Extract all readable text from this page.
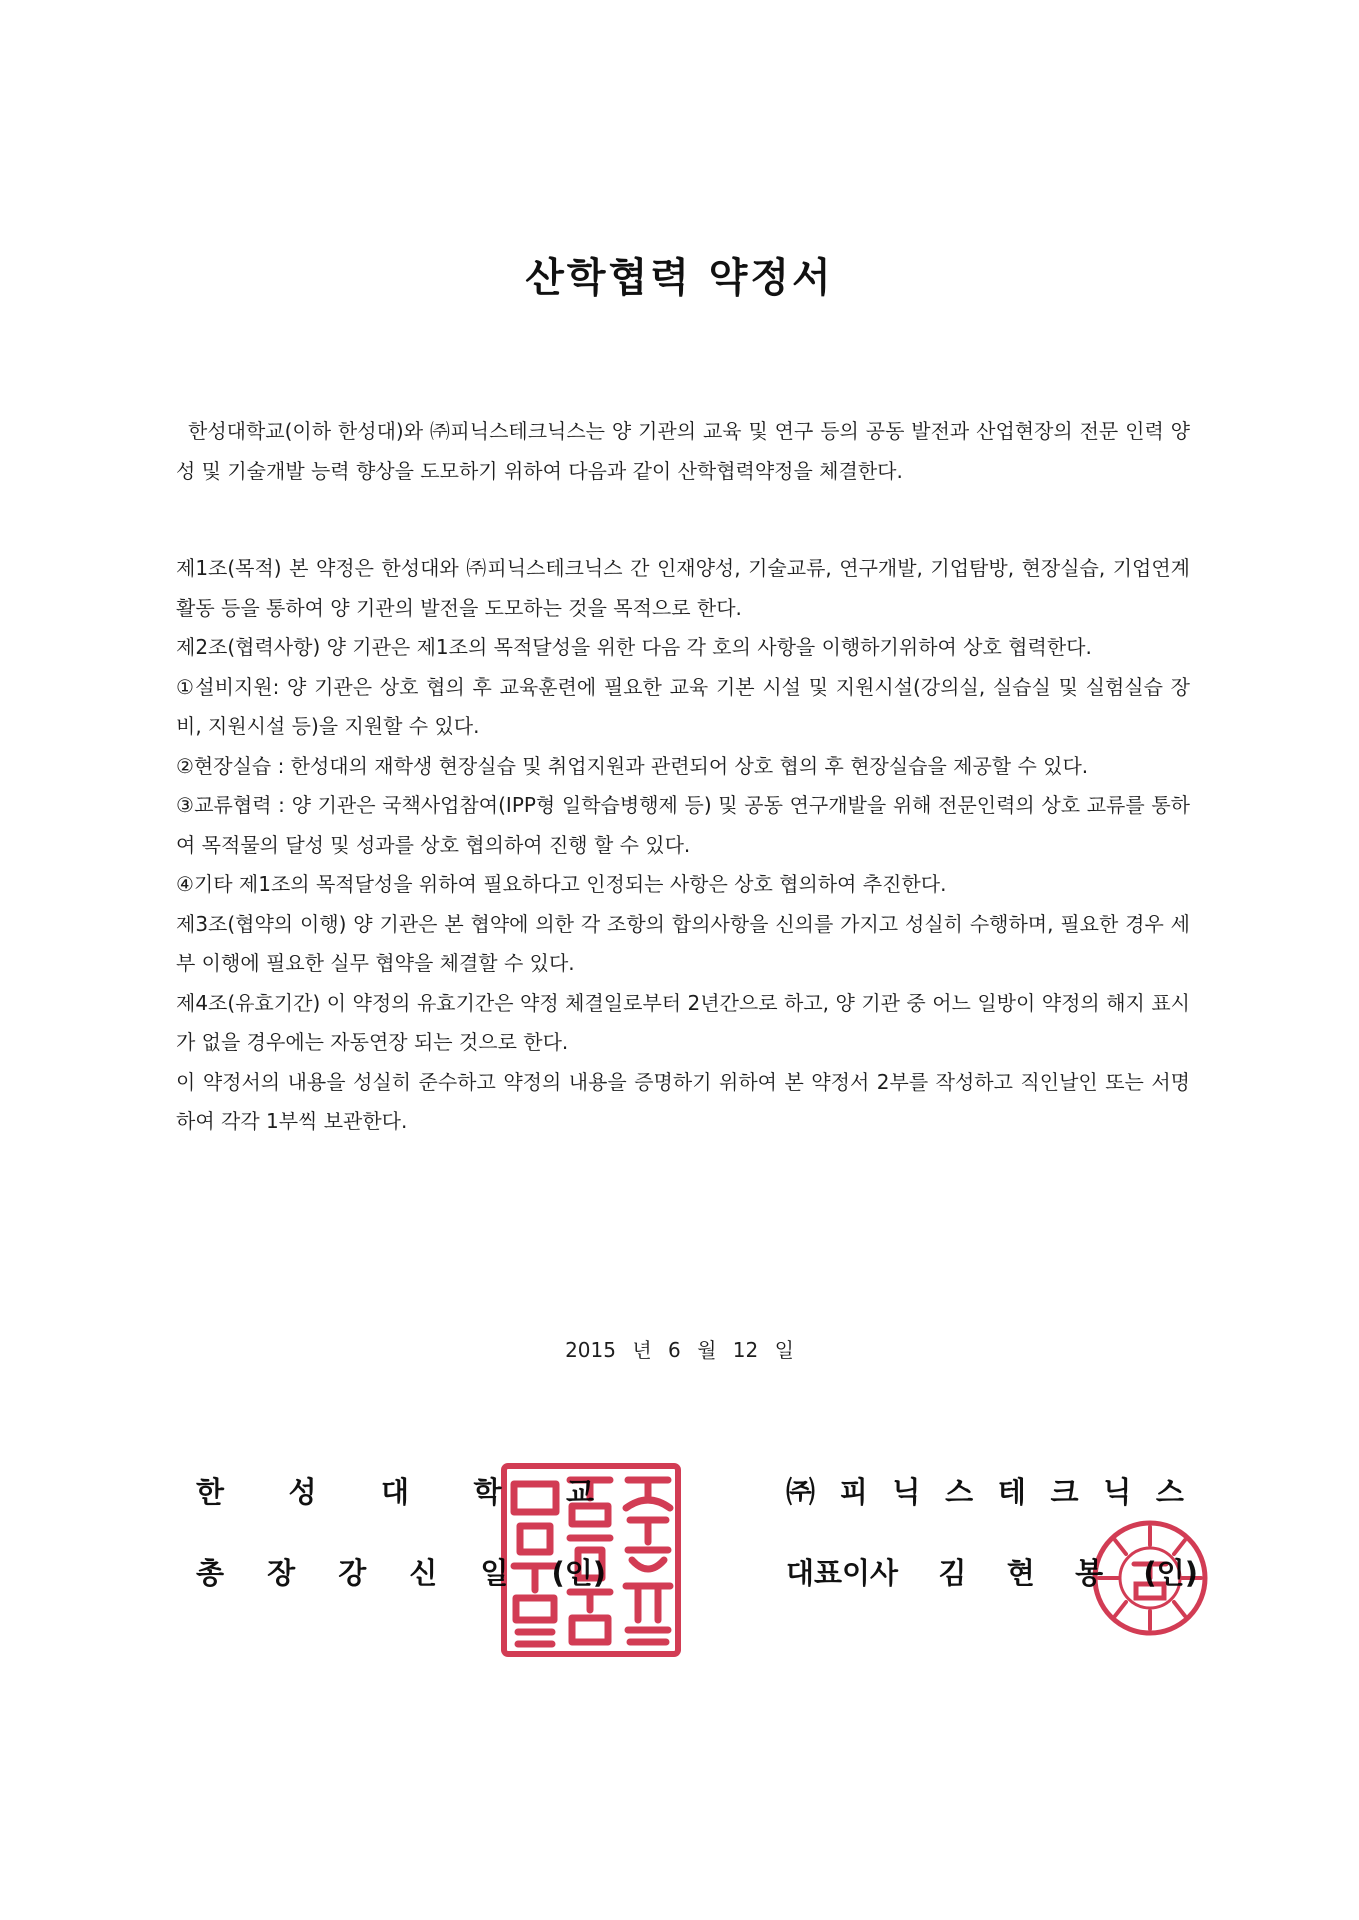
산학협력 약정서

한성대학교(이하 한성대)와 ㈜피닉스테크닉스는 양 기관의 교육 및 연구 등의 공동 발전과 산업현장의 전문 인력 양성 및 기술개발 능력 향상을 도모하기 위하여 다음과 같이 산학협력약정을 체결한다.

제1조(목적) 본 약정은 한성대와 ㈜피닉스테크닉스 간 인재양성, 기술교류, 연구개발, 기업탐방, 현장실습, 기업연계 활동 등을 통하여 양 기관의 발전을 도모하는 것을 목적으로 한다.

제2조(협력사항) 양 기관은 제1조의 목적달성을 위한 다음 각 호의 사항을 이행하기위하여 상호 협력한다.

①설비지원: 양 기관은 상호 협의 후 교육훈련에 필요한 교육 기본 시설 및 지원시설(강의실, 실습실 및 실험실습 장비, 지원시설 등)을 지원할 수 있다.

②현장실습 : 한성대의 재학생 현장실습 및 취업지원과 관련되어 상호 협의 후 현장실습을 제공할 수 있다.

③교류협력 : 양 기관은 국책사업참여(IPP형 일학습병행제 등) 및 공동 연구개발을 위해 전문인력의 상호 교류를 통하여 목적물의 달성 및 성과를 상호 협의하여 진행 할 수 있다.

④기타 제1조의 목적달성을 위하여 필요하다고 인정되는 사항은 상호 협의하여 추진한다.

제3조(협약의 이행) 양 기관은 본 협약에 의한 각 조항의 합의사항을 신의를 가지고 성실히 수행하며, 필요한 경우 세부 이행에 필요한 실무 협약을 체결할 수 있다.

제4조(유효기간) 이 약정의 유효기간은 약정 체결일로부터 2년간으로 하고, 양 기관 중 어느 일방이 약정의 해지 표시가 없을 경우에는 자동연장 되는 것으로 한다.

이 약정서의 내용을 성실히 준수하고 약정의 내용을 증명하기 위하여 본 약정서 2부를 작성하고 직인날인 또는 서명하여 각각 1부씩 보관한다.

2015 년 6 월 12 일
한 성 대 학 교
총 장 강 신 일 (인)
㈜ 피 닉 스 테 크 닉 스
대표이사 김 현 봉 (인)
